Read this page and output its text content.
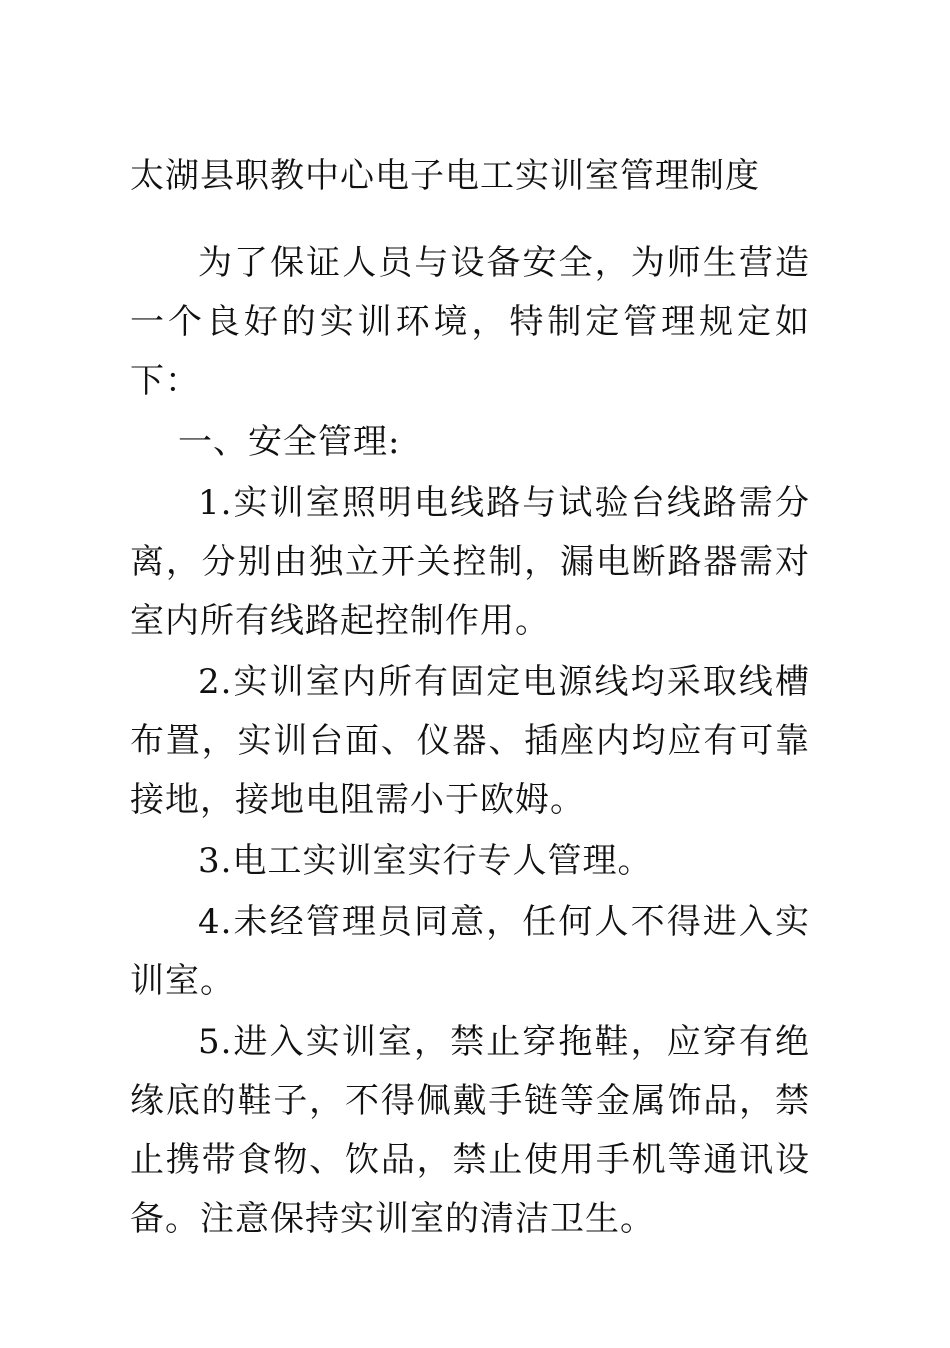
太湖县职教中心电子电工实训室管理制度

为了保证人员与设备安全，为师生营造一个良好的实训环境，特制定管理规定如下：

一、安全管理:

1.实训室照明电线路与试验台线路需分离，分别由独立开关控制，漏电断路器需对室内所有线路起控制作用。

2.实训室内所有固定电源线均采取线槽布置，实训台面、仪器、插座内均应有可靠接地，接地电阻需小于欧姆。

3.电工实训室实行专人管理。

4.未经管理员同意，任何人不得进入实训室。

5.进入实训室，禁止穿拖鞋，应穿有绝缘底的鞋子，不得佩戴手链等金属饰品，禁止携带食物、饮品，禁止使用手机等通讯设备。注意保持实训室的清洁卫生。
